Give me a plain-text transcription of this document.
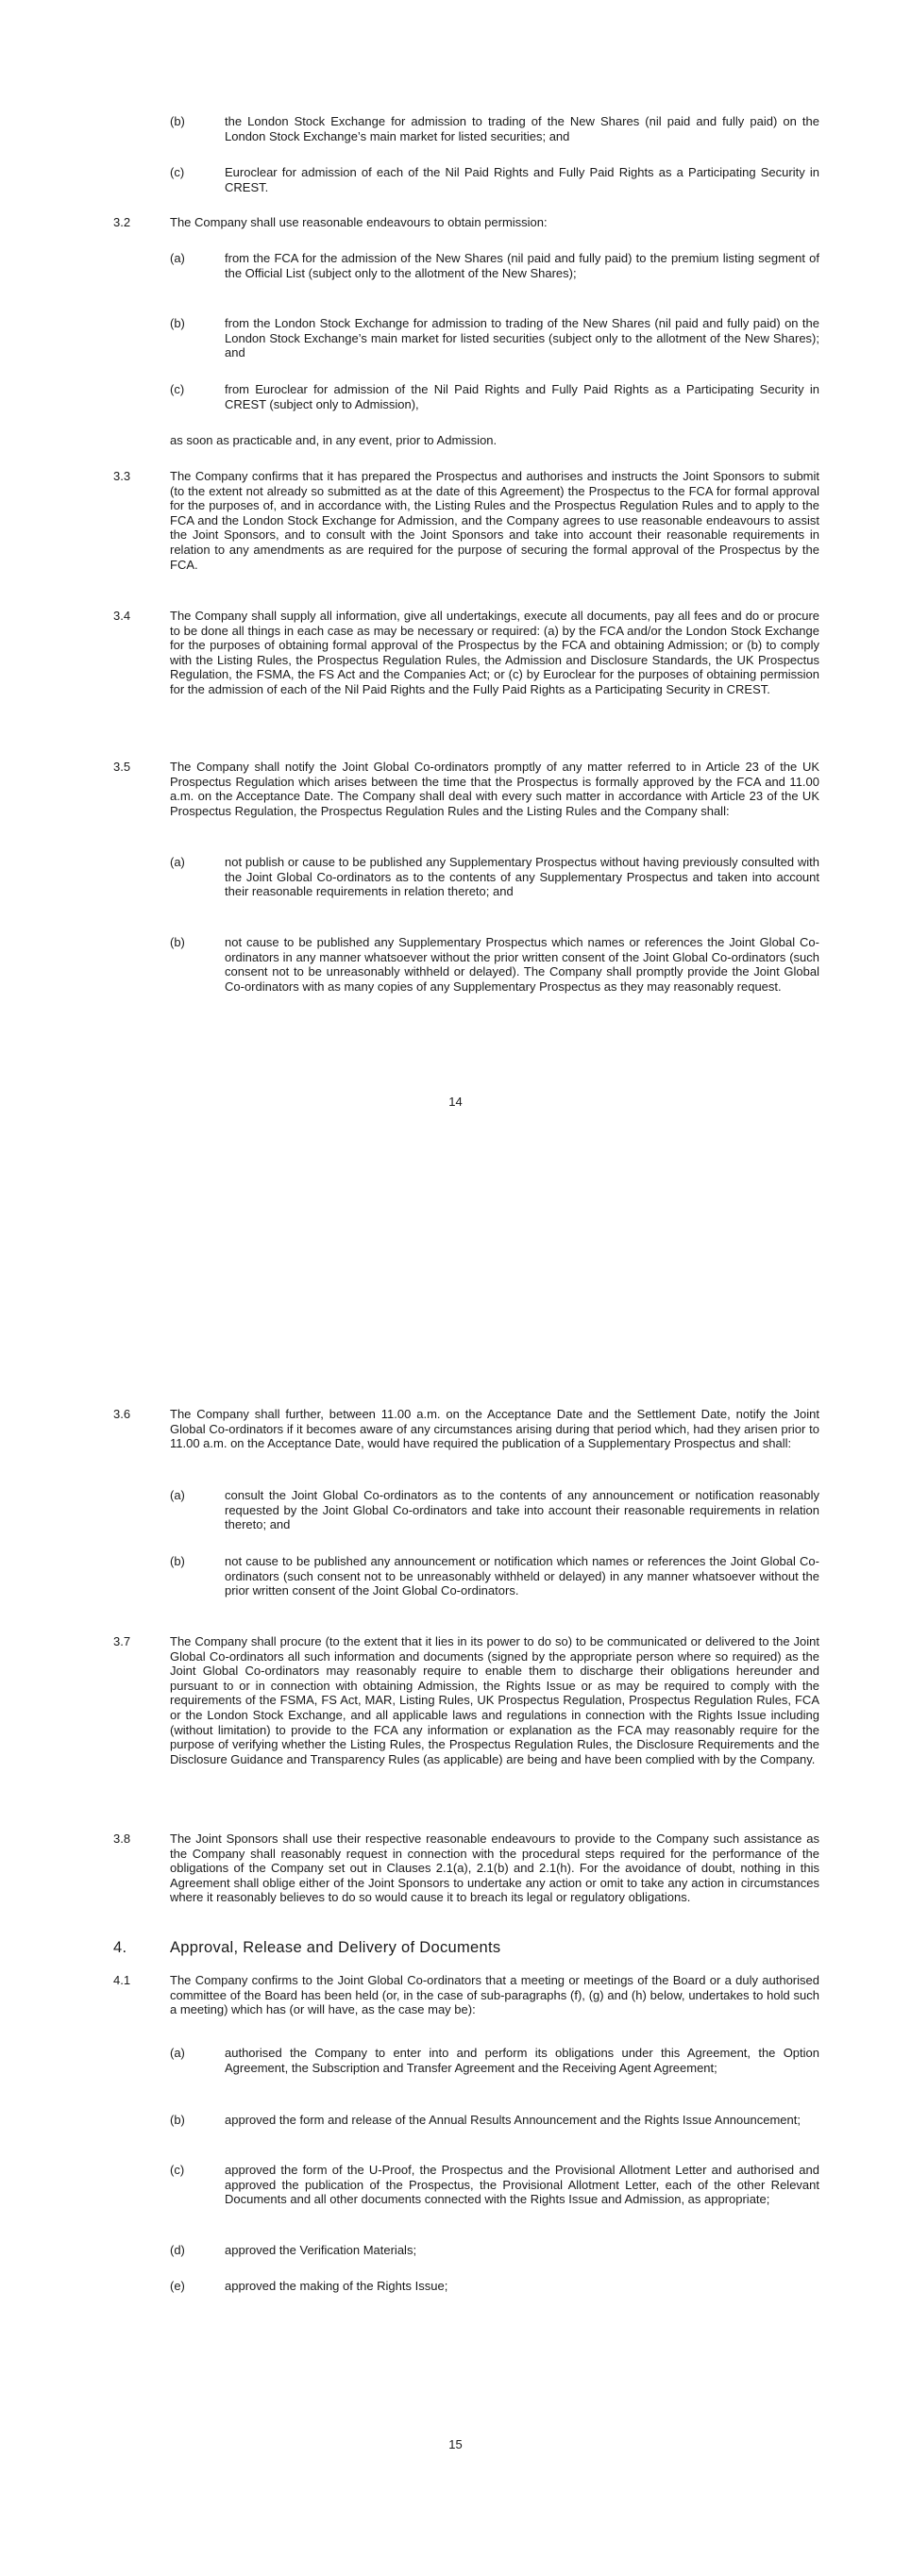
(b)	the London Stock Exchange for admission to trading of the New Shares (nil paid and fully paid) on the London Stock Exchange’s main market for listed securities; and
(c)	Euroclear for admission of each of the Nil Paid Rights and Fully Paid Rights as a Participating Security in CREST.
3.2	The Company shall use reasonable endeavours to obtain permission:
(a)	from the FCA for the admission of the New Shares (nil paid and fully paid) to the premium listing segment of the Official List (subject only to the allotment of the New Shares);
(b)	from the London Stock Exchange for admission to trading of the New Shares (nil paid and fully paid) on the London Stock Exchange’s main market for listed securities (subject only to the allotment of the New Shares); and
(c)	from Euroclear for admission of the Nil Paid Rights and Fully Paid Rights as a Participating Security in CREST (subject only to Admission),
as soon as practicable and, in any event, prior to Admission.
3.3	The Company confirms that it has prepared the Prospectus and authorises and instructs the Joint Sponsors to submit (to the extent not already so submitted as at the date of this Agreement) the Prospectus to the FCA for formal approval for the purposes of, and in accordance with, the Listing Rules and the Prospectus Regulation Rules and to apply to the FCA and the London Stock Exchange for Admission, and the Company agrees to use reasonable endeavours to assist the Joint Sponsors, and to consult with the Joint Sponsors and take into account their reasonable requirements in relation to any amendments as are required for the purpose of securing the formal approval of the Prospectus by the FCA.
3.4	The Company shall supply all information, give all undertakings, execute all documents, pay all fees and do or procure to be done all things in each case as may be necessary or required: (a) by the FCA and/or the London Stock Exchange for the purposes of obtaining formal approval of the Prospectus by the FCA and obtaining Admission; or (b) to comply with the Listing Rules, the Prospectus Regulation Rules, the Admission and Disclosure Standards, the UK Prospectus Regulation, the FSMA, the FS Act and the Companies Act; or (c) by Euroclear for the purposes of obtaining permission for the admission of each of the Nil Paid Rights and the Fully Paid Rights as a Participating Security in CREST.
3.5	The Company shall notify the Joint Global Co-ordinators promptly of any matter referred to in Article 23 of the UK Prospectus Regulation which arises between the time that the Prospectus is formally approved by the FCA and 11.00 a.m. on the Acceptance Date. The Company shall deal with every such matter in accordance with Article 23 of the UK Prospectus Regulation, the Prospectus Regulation Rules and the Listing Rules and the Company shall:
(a)	not publish or cause to be published any Supplementary Prospectus without having previously consulted with the Joint Global Co-ordinators as to the contents of any Supplementary Prospectus and taken into account their reasonable requirements in relation thereto; and
(b)	not cause to be published any Supplementary Prospectus which names or references the Joint Global Co-ordinators in any manner whatsoever without the prior written consent of the Joint Global Co-ordinators (such consent not to be unreasonably withheld or delayed). The Company shall promptly provide the Joint Global Co-ordinators with as many copies of any Supplementary Prospectus as they may reasonably request.
14
3.6	The Company shall further, between 11.00 a.m. on the Acceptance Date and the Settlement Date, notify the Joint Global Co-ordinators if it becomes aware of any circumstances arising during that period which, had they arisen prior to 11.00 a.m. on the Acceptance Date, would have required the publication of a Supplementary Prospectus and shall:
(a)	consult the Joint Global Co-ordinators as to the contents of any announcement or notification reasonably requested by the Joint Global Co-ordinators and take into account their reasonable requirements in relation thereto; and
(b)	not cause to be published any announcement or notification which names or references the Joint Global Co-ordinators (such consent not to be unreasonably withheld or delayed) in any manner whatsoever without the prior written consent of the Joint Global Co-ordinators.
3.7	The Company shall procure (to the extent that it lies in its power to do so) to be communicated or delivered to the Joint Global Co-ordinators all such information and documents (signed by the appropriate person where so required) as the Joint Global Co-ordinators may reasonably require to enable them to discharge their obligations hereunder and pursuant to or in connection with obtaining Admission, the Rights Issue or as may be required to comply with the requirements of the FSMA, FS Act, MAR, Listing Rules, UK Prospectus Regulation, Prospectus Regulation Rules, FCA or the London Stock Exchange, and all applicable laws and regulations in connection with the Rights Issue including (without limitation) to provide to the FCA any information or explanation as the FCA may reasonably require for the purpose of verifying whether the Listing Rules, the Prospectus Regulation Rules, the Disclosure Requirements and the Disclosure Guidance and Transparency Rules (as applicable) are being and have been complied with by the Company.
3.8	The Joint Sponsors shall use their respective reasonable endeavours to provide to the Company such assistance as the Company shall reasonably request in connection with the procedural steps required for the performance of the obligations of the Company set out in Clauses 2.1(a), 2.1(b) and 2.1(h). For the avoidance of doubt, nothing in this Agreement shall oblige either of the Joint Sponsors to undertake any action or omit to take any action in circumstances where it reasonably believes to do so would cause it to breach its legal or regulatory obligations.
4.	Approval, Release and Delivery of Documents
4.1	The Company confirms to the Joint Global Co-ordinators that a meeting or meetings of the Board or a duly authorised committee of the Board has been held (or, in the case of sub-paragraphs (f), (g) and (h) below, undertakes to hold such a meeting) which has (or will have, as the case may be):
(a)	authorised the Company to enter into and perform its obligations under this Agreement, the Option Agreement, the Subscription and Transfer Agreement and the Receiving Agent Agreement;
(b)	approved the form and release of the Annual Results Announcement and the Rights Issue Announcement;
(c)	approved the form of the U-Proof, the Prospectus and the Provisional Allotment Letter and authorised and approved the publication of the Prospectus, the Provisional Allotment Letter, each of the other Relevant Documents and all other documents connected with the Rights Issue and Admission, as appropriate;
(d)	approved the Verification Materials;
(e)	approved the making of the Rights Issue;
15
